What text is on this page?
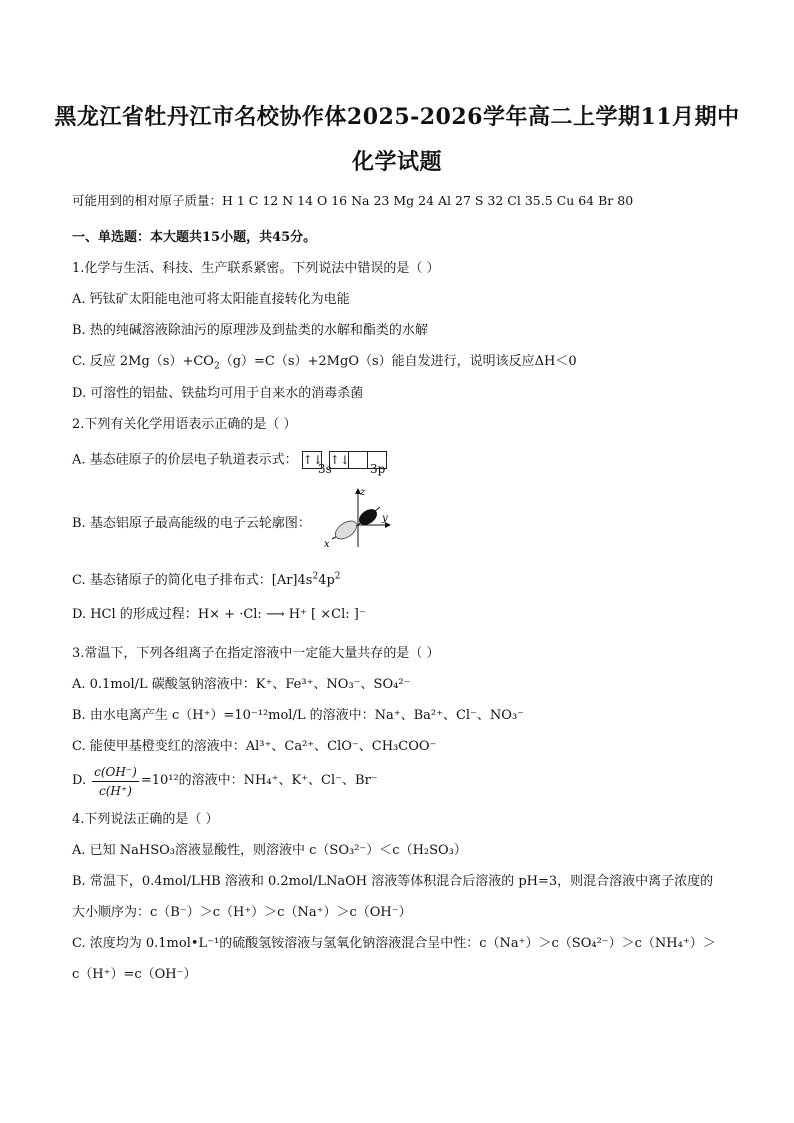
黑龙江省牡丹江市名校协作体2025-2026学年高二上学期11月期中
化学试题
可能用到的相对原子质量：H 1 C 12 N 14 O 16 Na 23 Mg 24 Al 27 S 32 Cl 35.5 Cu 64 Br 80
一、单选题：本大题共15小题，共45分。
1.化学与生活、科技、生产联系紧密。下列说法中错误的是（ ）
A. 钙钛矿太阳能电池可将太阳能直接转化为电能
B. 热的纯碱溶液除油污的原理涉及到盐类的水解和酯类的水解
C. 反应 $2Mg(s)+CO_2(g)=C(s)+2MgO(s)$能自发进行，说明该反应ΔH＜0
D. 可溶性的铝盐、铁盐均可用于自来水的消毒杀菌
2.下列有关化学用语表示正确的是（ ）
A. 基态硅原子的价层电子轨道表示式： ↑↓ ↑↓
3s	3p
B. 基态铝原子最高能级的电子云轮廓图：
z
x
y
C. 基态锗原子的简化电子排布式：$[Ar]4s^24p^2$
D. HCl 的形成过程：H× + ·Cl: ⟶ H⁺ [ ×Cl: ]⁻
3.常温下，下列各组离子在指定溶液中一定能大量共存的是（ ）
A. 0.1mol/L 碳酸氢钠溶液中：K⁺、Fe³⁺、NO₃⁻、SO₄²⁻
B. 由水电离产生 c（H⁺）=10⁻¹²mol/L 的溶液中：Na⁺、Ba²⁺、Cl⁻、NO₃⁻
C. 能使甲基橙变红的溶液中：Al³⁺、Ca²⁺、ClO⁻、CH₃COO⁻
D. $\frac{c(OH^-)}{c(H^+)} =10^{12}$的溶液中：NH₄⁺、K⁺、Cl⁻、Br⁻
4.下列说法正确的是（ ）
A. 已知 NaHSO₃溶液显酸性，则溶液中 c（SO₃²⁻）＜c（H₂SO₃）
B. 常温下，0.4mol/LHB 溶液和 0.2mol/LNaOH 溶液等体积混合后溶液的 pH=3，则混合溶液中离子浓度的
大小顺序为：c（B⁻）＞c（H⁺）＞c（Na⁺）＞c（OH⁻）
C. 浓度均为 0.1mol•L⁻¹的硫酸氢铵溶液与氢氧化钠溶液混合呈中性：c（Na⁺）＞c（SO₄²⁻）＞c（NH₄⁺）＞
c（H⁺）=c（OH⁻）
